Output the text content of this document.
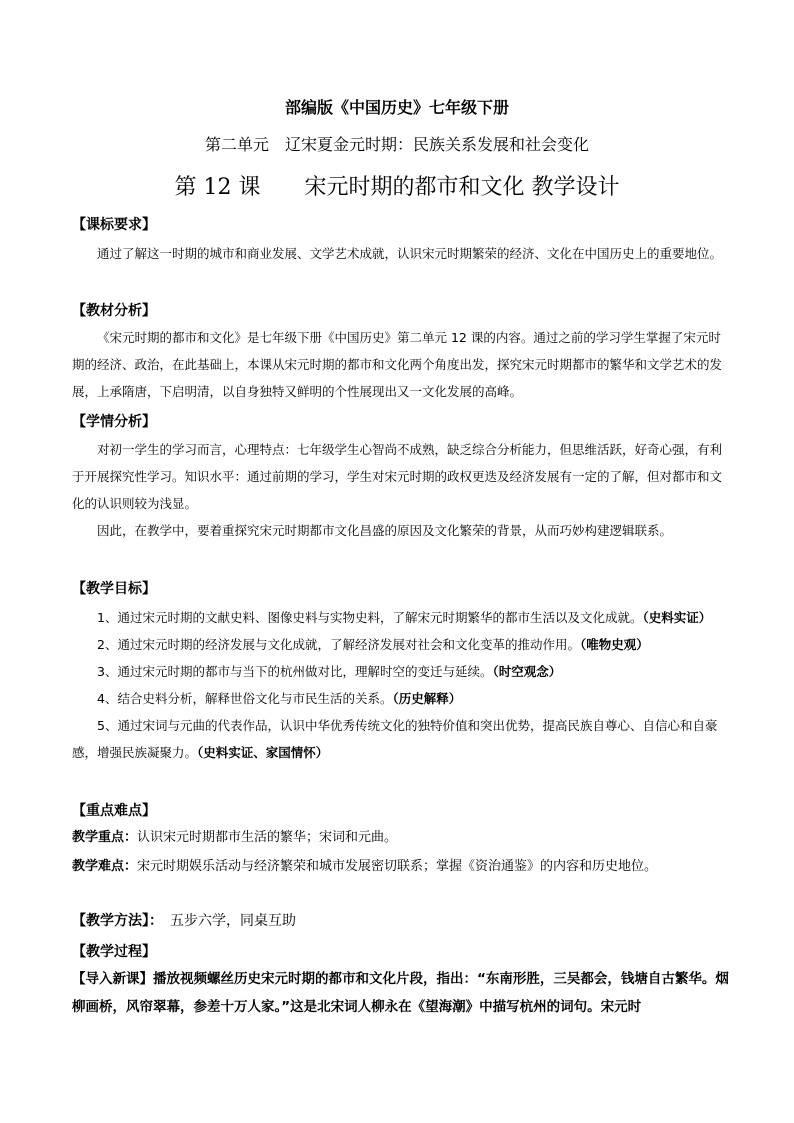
部编版《中国历史》七年级下册
第二单元　辽宋夏金元时期：民族关系发展和社会变化
第 12 课　　宋元时期的都市和文化 教学设计
【课标要求】

通过了解这一时期的城市和商业发展、文学艺术成就，认识宋元时期繁荣的经济、文化在中国历史上的重要地位。

【教材分析】

《宋元时期的都市和文化》是七年级下册《中国历史》第二单元 12 课的内容。通过之前的学习学生掌握了宋元时期的经济、政治，在此基础上，本课从宋元时期的都市和文化两个角度出发，探究宋元时期都市的繁华和文学艺术的发展，上承隋唐，下启明清，以自身独特又鲜明的个性展现出又一文化发展的高峰。

【学情分析】

对初一学生的学习而言，心理特点：七年级学生心智尚不成熟，缺乏综合分析能力，但思维活跃，好奇心强，有利于开展探究性学习。知识水平：通过前期的学习，学生对宋元时期的政权更迭及经济发展有一定的了解，但对都市和文化的认识则较为浅显。

因此，在教学中，要着重探究宋元时期都市文化昌盛的原因及文化繁荣的背景，从而巧妙构建逻辑联系。

【教学目标】

1、通过宋元时期的文献史料、图像史料与实物史料，了解宋元时期繁华的都市生活以及文化成就。（史料实证）

2、通过宋元时期的经济发展与文化成就，了解经济发展对社会和文化变革的推动作用。（唯物史观）

3、通过宋元时期的都市与当下的杭州做对比，理解时空的变迁与延续。（时空观念）

4、结合史料分析，解释世俗文化与市民生活的关系。（历史解释）

5、通过宋词与元曲的代表作品，认识中华优秀传统文化的独特价值和突出优势，提高民族自尊心、自信心和自豪感，增强民族凝聚力。（史料实证、家国情怀）

【重点难点】
教学重点：认识宋元时期都市生活的繁华；宋词和元曲。
教学难点：宋元时期娱乐活动与经济繁荣和城市发展密切联系；掌握《资治通鉴》的内容和历史地位。
【教学方法】：　五步六学，同桌互助
【教学过程】
【导入新课】播放视频螺丝历史宋元时期的都市和文化片段，指出：“东南形胜，三吴都会，钱塘自古繁华。烟柳画桥，风帘翠幕，参差十万人家。”这是北宋词人柳永在《望海潮》中描写杭州的词句。宋元时
